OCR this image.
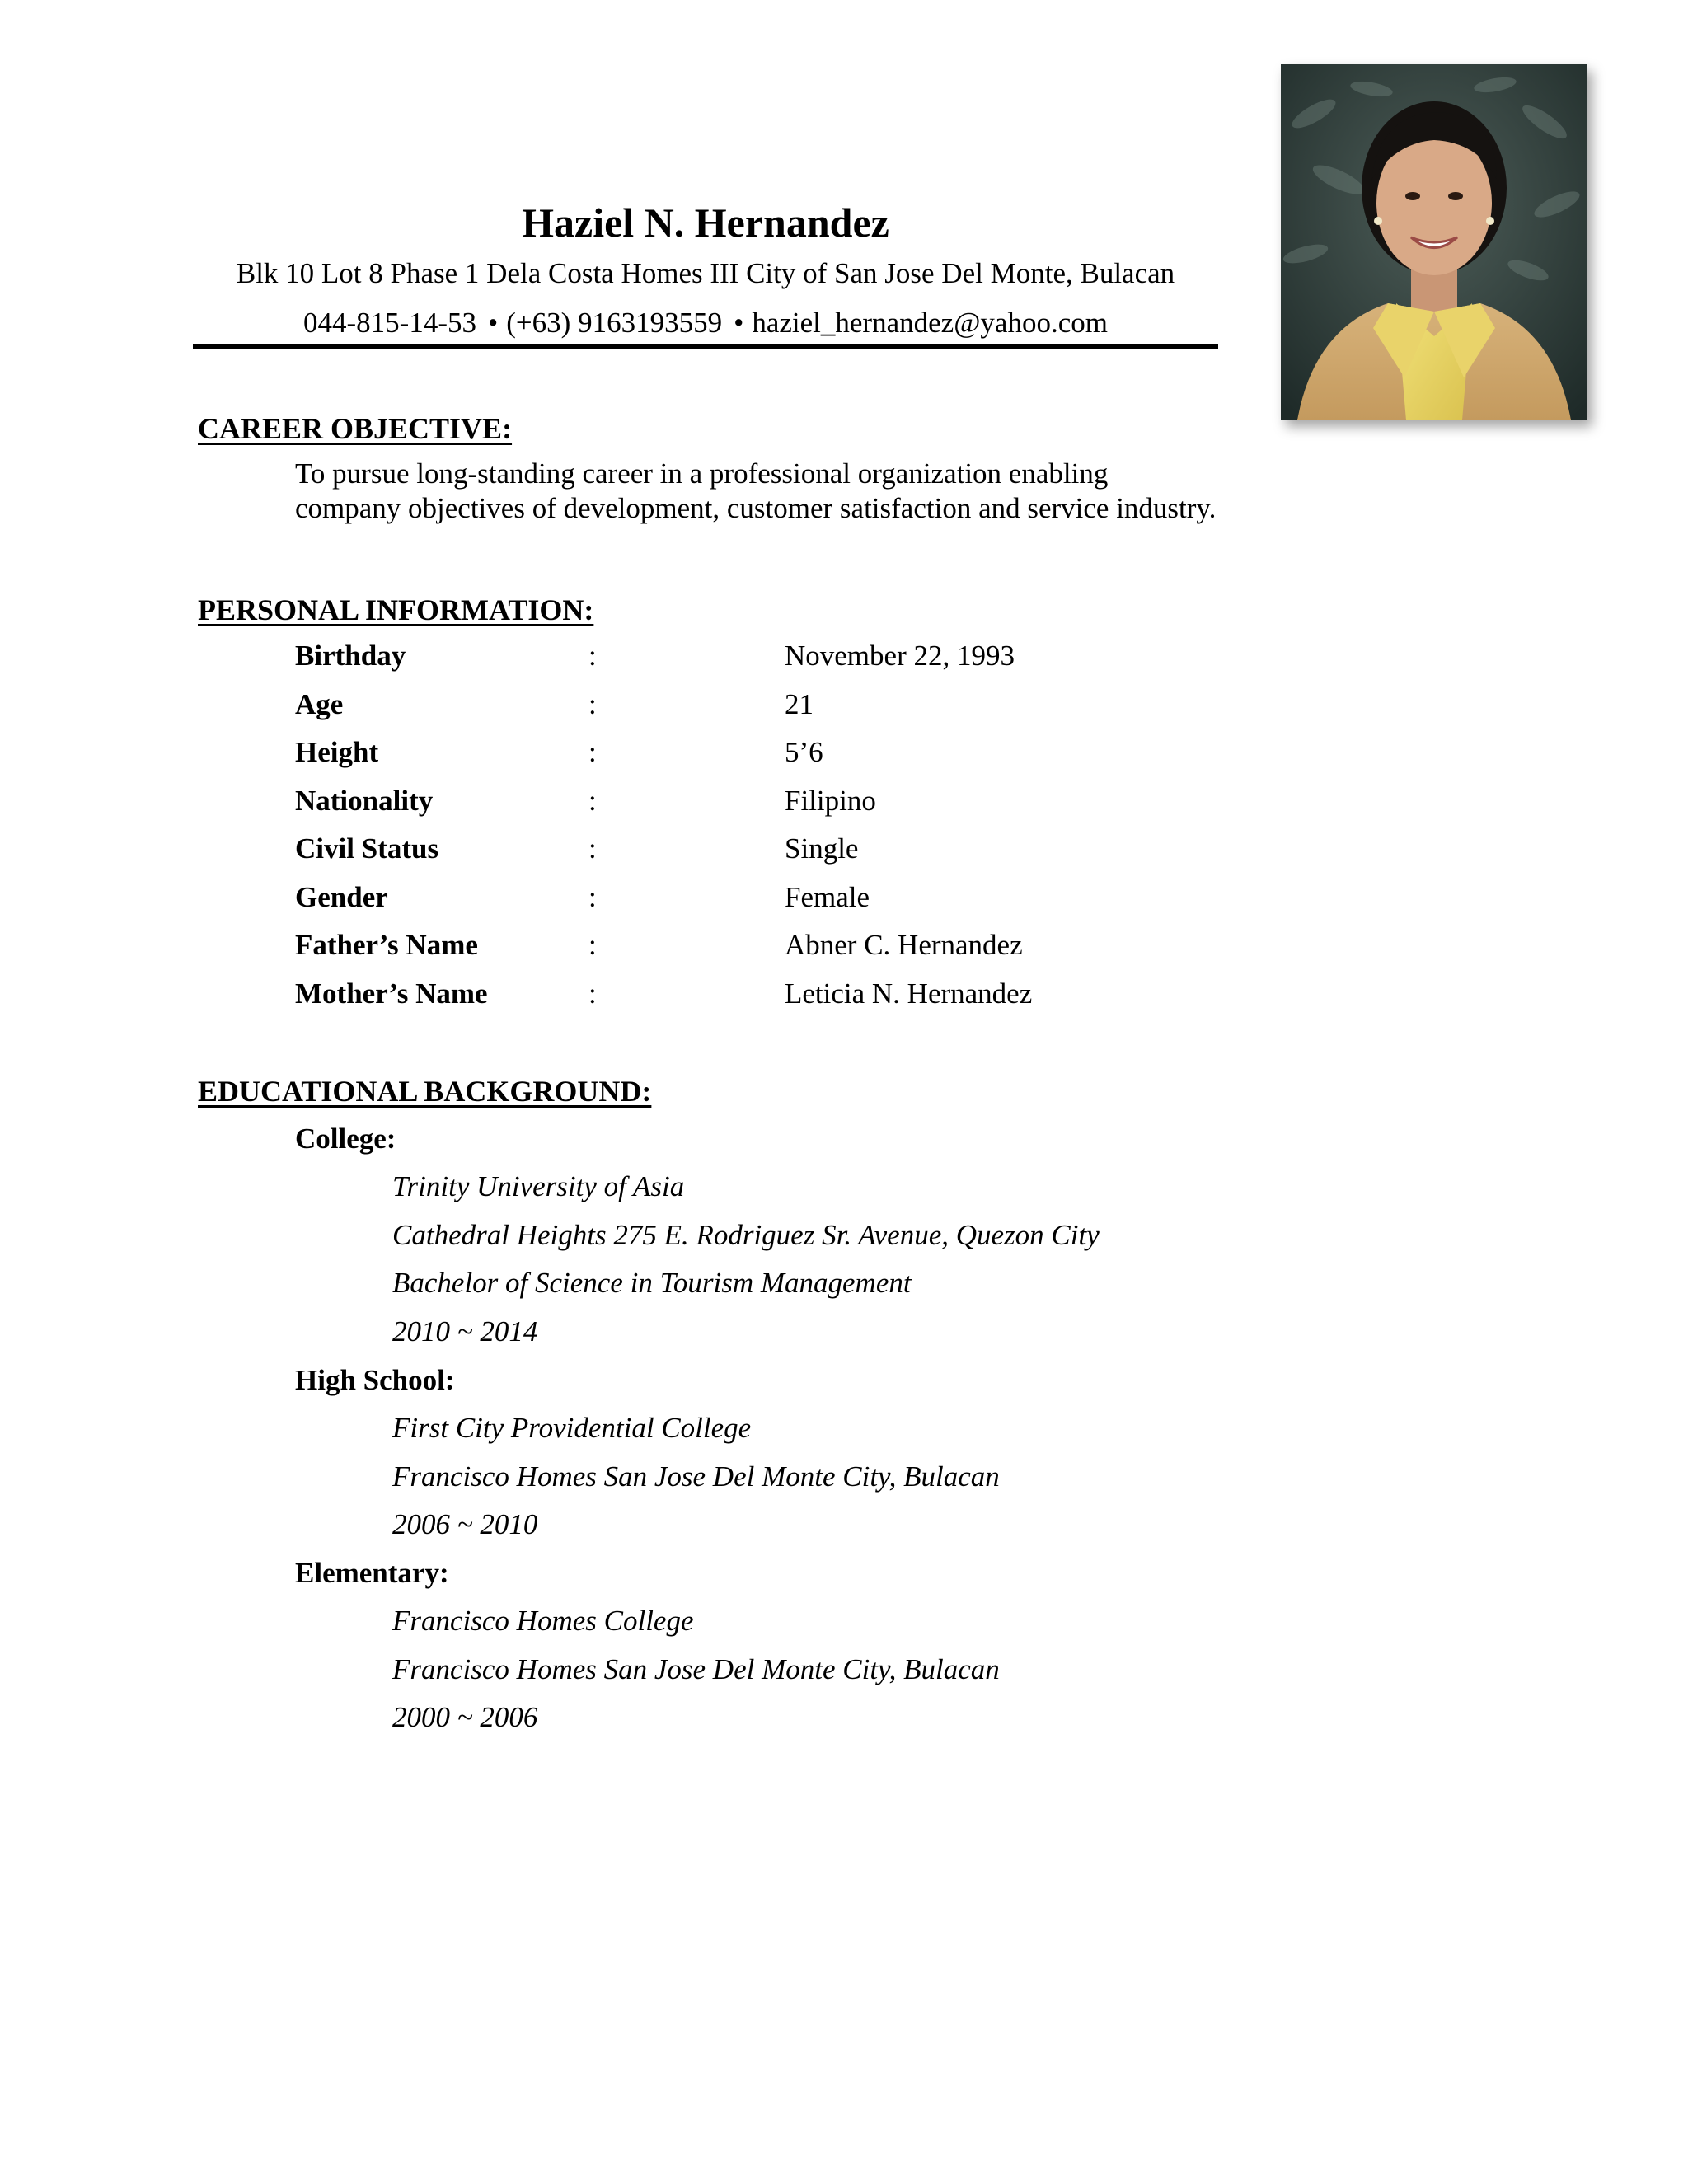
Haziel N. Hernandez

Blk 10 Lot 8 Phase 1 Dela Costa Homes III City of San Jose Del Monte, Bulacan

044-815-14-53 • (+63) 9163193559 • haziel_hernandez@yahoo.com

CAREER OBJECTIVE:

To pursue long-standing career in a professional organization enabling
company objectives of development, customer satisfaction and service industry.

PERSONAL INFORMATION:
Birthday	:	November 22, 1993
Age	:	21
Height	:	5’6
Nationality	:	Filipino
Civil Status	:	Single
Gender	:	Female
Father’s Name	:	Abner C. Hernandez
Mother’s Name	:	Leticia N. Hernandez
EDUCATIONAL BACKGROUND:

College:

Trinity University of Asia

Cathedral Heights 275 E. Rodriguez Sr. Avenue, Quezon City

Bachelor of Science in Tourism Management

2010 ~ 2014

High School:

First City Providential College

Francisco Homes San Jose Del Monte City, Bulacan

2006 ~ 2010

Elementary:

Francisco Homes College

Francisco Homes San Jose Del Monte City, Bulacan

2000 ~ 2006
